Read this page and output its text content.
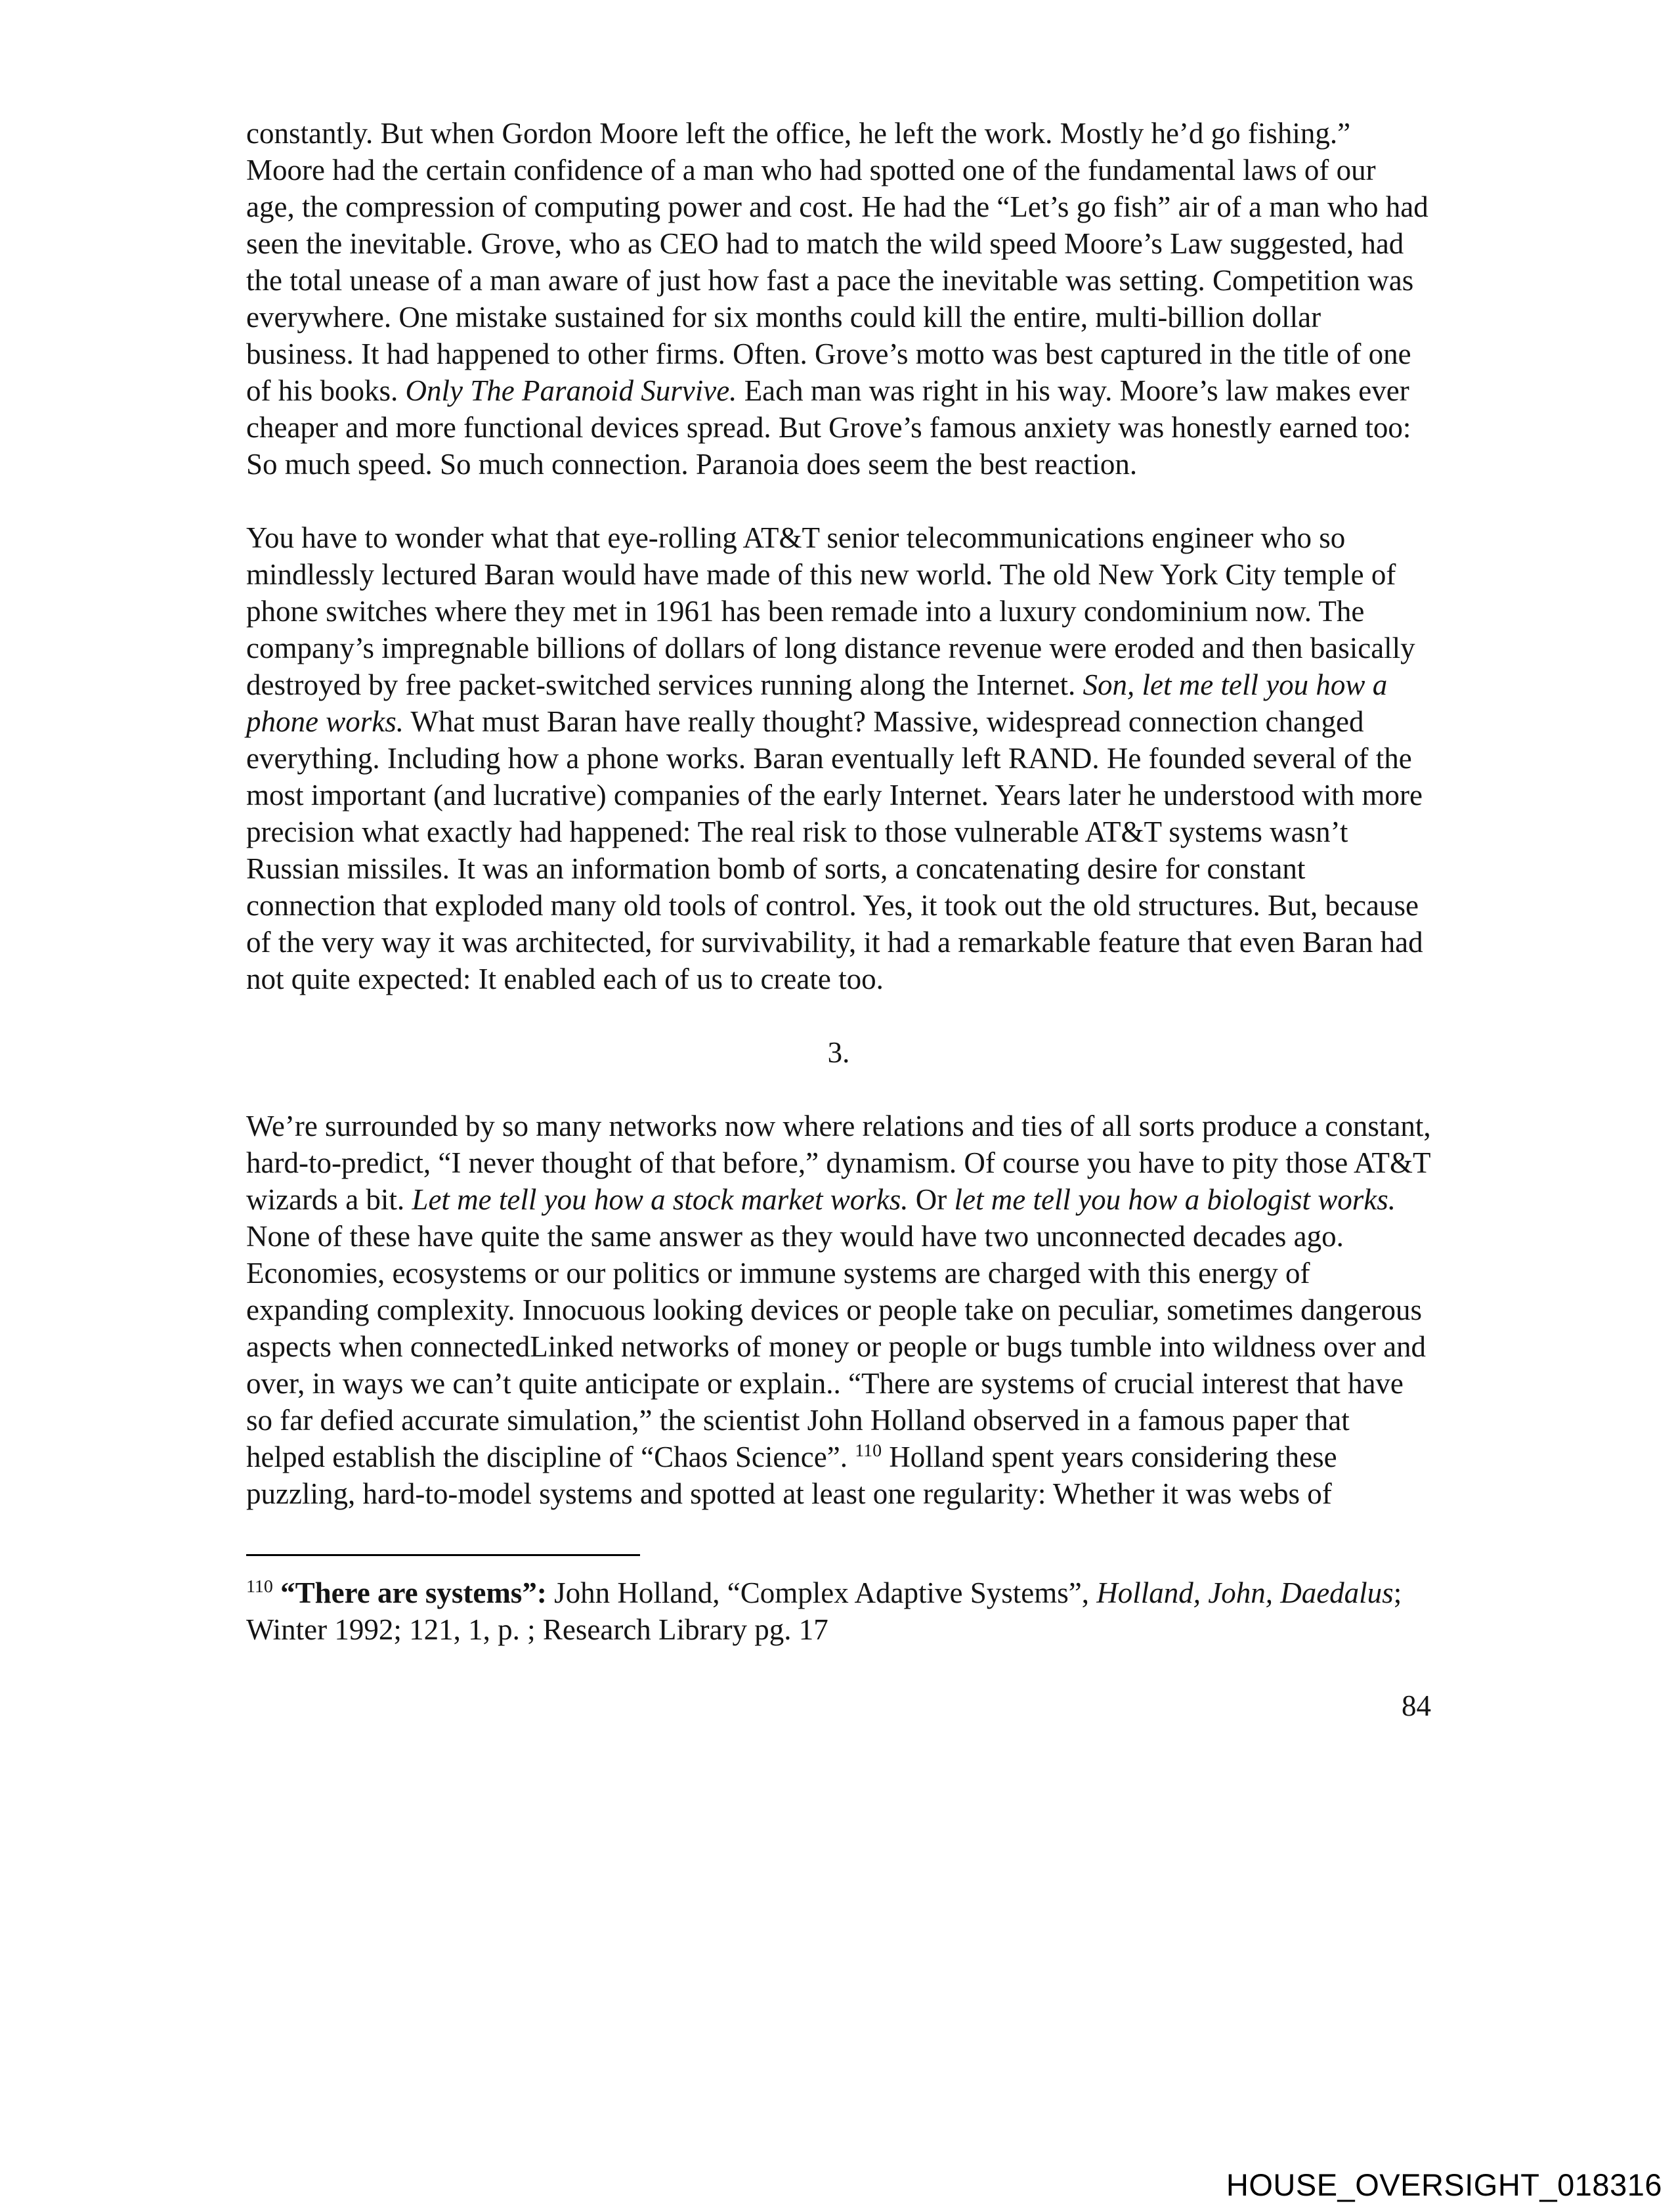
constantly. But when Gordon Moore left the office, he left the work. Mostly he’d go fishing.” Moore had the certain confidence of a man who had spotted one of the fundamental laws of our age, the compression of computing power and cost. He had the “Let’s go fish” air of a man who had seen the inevitable. Grove, who as CEO had to match the wild speed Moore’s Law suggested, had the total unease of a man aware of just how fast a pace the inevitable was setting. Competition was everywhere. One mistake sustained for six months could kill the entire, multi-billion dollar business. It had happened to other firms. Often. Grove’s motto was best captured in the title of one of his books. Only The Paranoid Survive. Each man was right in his way. Moore’s law makes ever cheaper and more functional devices spread. But Grove’s famous anxiety was honestly earned too: So much speed. So much connection. Paranoia does seem the best reaction.

You have to wonder what that eye-rolling AT&T senior telecommunications engineer who so mindlessly lectured Baran would have made of this new world. The old New York City temple of phone switches where they met in 1961 has been remade into a luxury condominium now. The company’s impregnable billions of dollars of long distance revenue were eroded and then basically destroyed by free packet-switched services running along the Internet. Son, let me tell you how a phone works. What must Baran have really thought? Massive, widespread connection changed everything. Including how a phone works. Baran eventually left RAND. He founded several of the most important (and lucrative) companies of the early Internet. Years later he understood with more precision what exactly had happened: The real risk to those vulnerable AT&T systems wasn’t Russian missiles. It was an information bomb of sorts, a concatenating desire for constant connection that exploded many old tools of control. Yes, it took out the old structures. But, because of the very way it was architected, for survivability, it had a remarkable feature that even Baran had not quite expected: It enabled each of us to create too.

3.

We’re surrounded by so many networks now where relations and ties of all sorts produce a constant, hard-to-predict, “I never thought of that before,” dynamism. Of course you have to pity those AT&T wizards a bit. Let me tell you how a stock market works. Or let me tell you how a biologist works. None of these have quite the same answer as they would have two unconnected decades ago. Economies, ecosystems or our politics or immune systems are charged with this energy of expanding complexity. Innocuous looking devices or people take on peculiar, sometimes dangerous aspects when connectedLinked networks of money or people or bugs tumble into wildness over and over, in ways we can’t quite anticipate or explain.. “There are systems of crucial interest that have so far defied accurate simulation,” the scientist John Holland observed in a famous paper that helped establish the discipline of “Chaos Science”. $^{110}$ Holland spent years considering these puzzling, hard-to-model systems and spotted at least one regularity: Whether it was webs of

$^{110}$ “There are systems”: John Holland, “Complex Adaptive Systems”, Holland, John, Daedalus; Winter 1992; 121, 1, p. ; Research Library pg. 17

84
HOUSE_OVERSIGHT_018316
